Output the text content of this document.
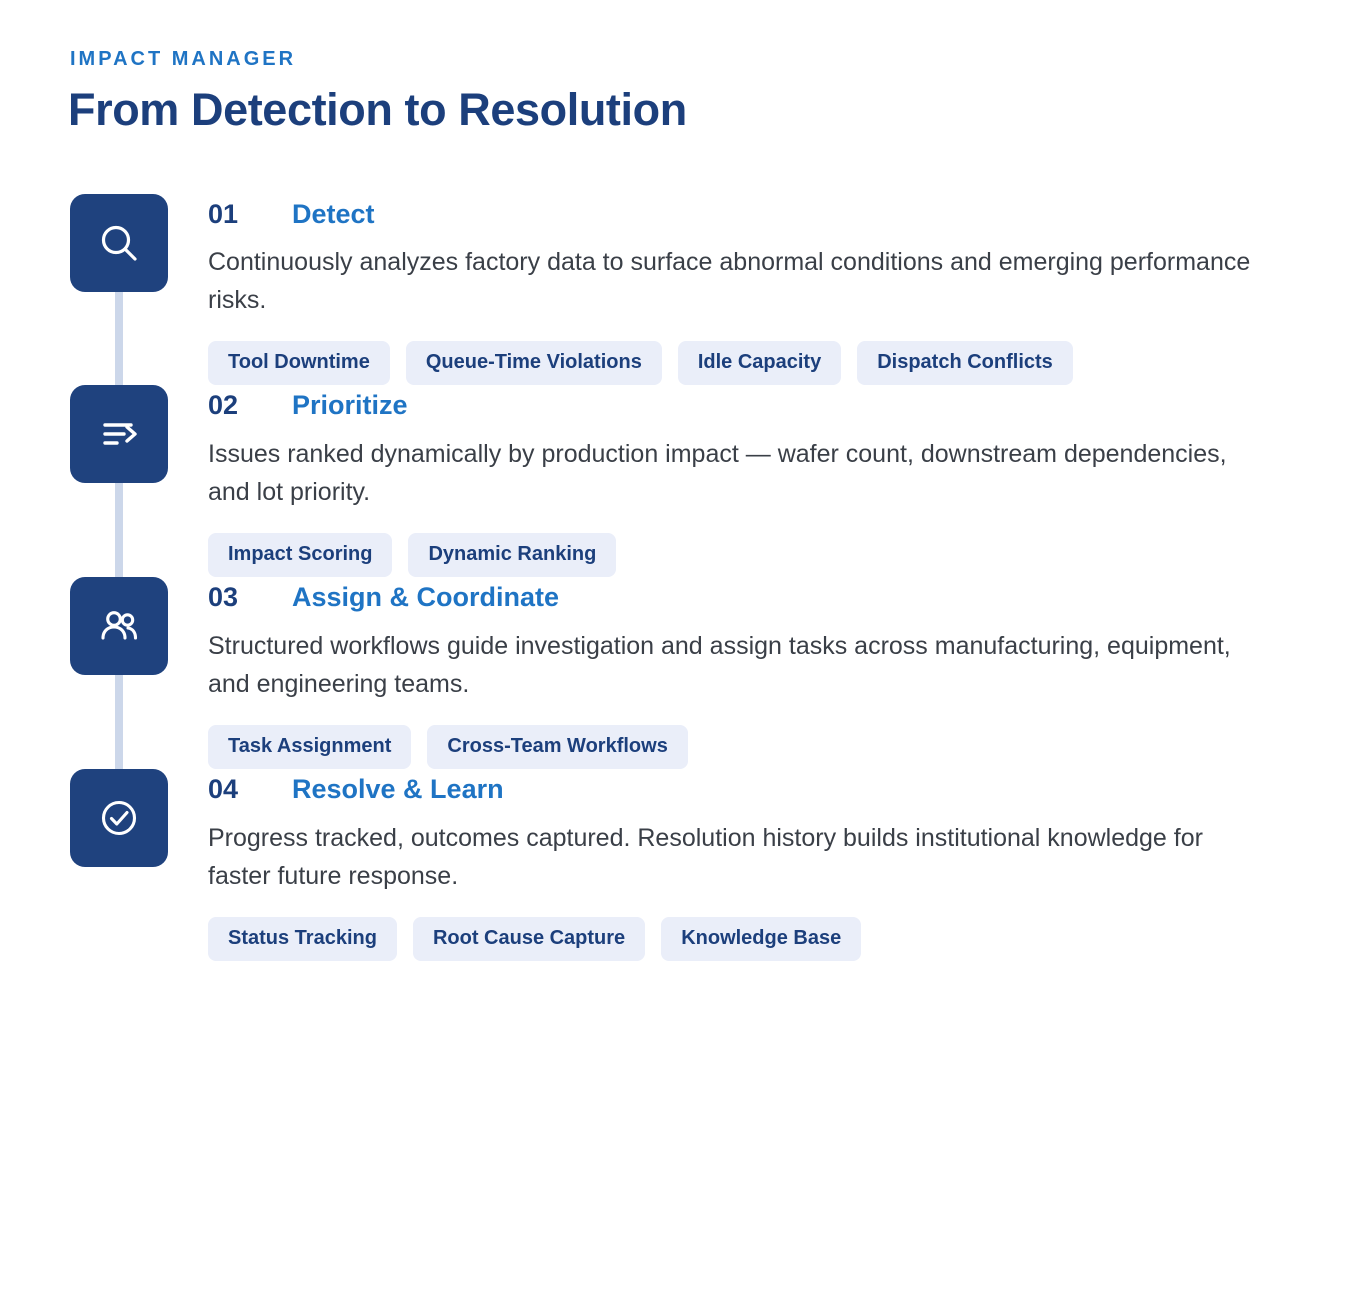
IMPACT MANAGER
From Detection to Resolution
01	Detect

Continuously analyzes factory data to surface abnormal conditions and emerging performance risks.

Tool Downtime	Queue-Time Violations	Idle Capacity	Dispatch Conflicts
02	Prioritize

Issues ranked dynamically by production impact — wafer count, downstream dependencies, and lot priority.

Impact Scoring	Dynamic Ranking
03	Assign & Coordinate

Structured workflows guide investigation and assign tasks across manufacturing, equipment, and engineering teams.

Task Assignment	Cross-Team Workflows
04	Resolve & Learn

Progress tracked, outcomes captured. Resolution history builds institutional knowledge for faster future response.

Status Tracking	Root Cause Capture	Knowledge Base
